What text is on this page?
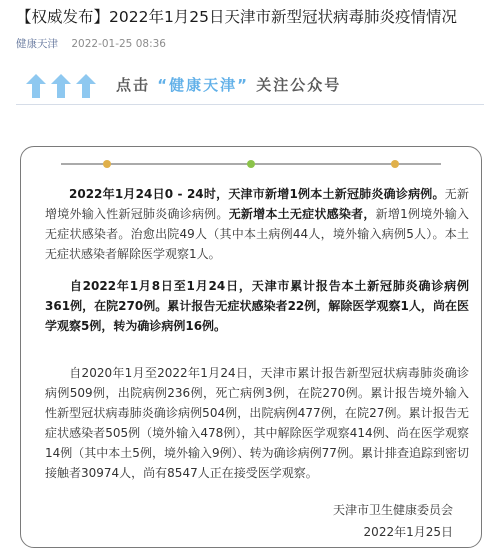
【权威发布】2022年1月25日天津市新型冠状病毒肺炎疫情情况
健康天津 2022-01-25 08:36
点击 “健康天津” 关注公众号

2022年1月24日0 - 24时，天津市新增1例本土新冠肺炎确诊病例。无新增境外输入性新冠肺炎确诊病例。无新增本土无症状感染者，新增1例境外输入无症状感染者。治愈出院49人（其中本土病例44人，境外输入病例5人）。本土无症状感染者解除医学观察1人。

自2022年1月8日至1月24日，天津市累计报告本土新冠肺炎确诊病例361例，在院270例。累计报告无症状感染者22例，解除医学观察1人，尚在医学观察5例，转为确诊病例16例。

自2020年1月至2022年1月24日，天津市累计报告新型冠状病毒肺炎确诊病例509例，出院病例236例，死亡病例3例，在院270例。累计报告境外输入性新型冠状病毒肺炎确诊病例504例，出院病例477例，在院27例。累计报告无症状感染者505例（境外输入478例），其中解除医学观察414例、尚在医学观察14例（其中本土5例，境外输入9例）、转为确诊病例77例。累计排查追踪到密切接触者30974人，尚有8547人正在接受医学观察。

天津市卫生健康委员会
2022年1月25日
